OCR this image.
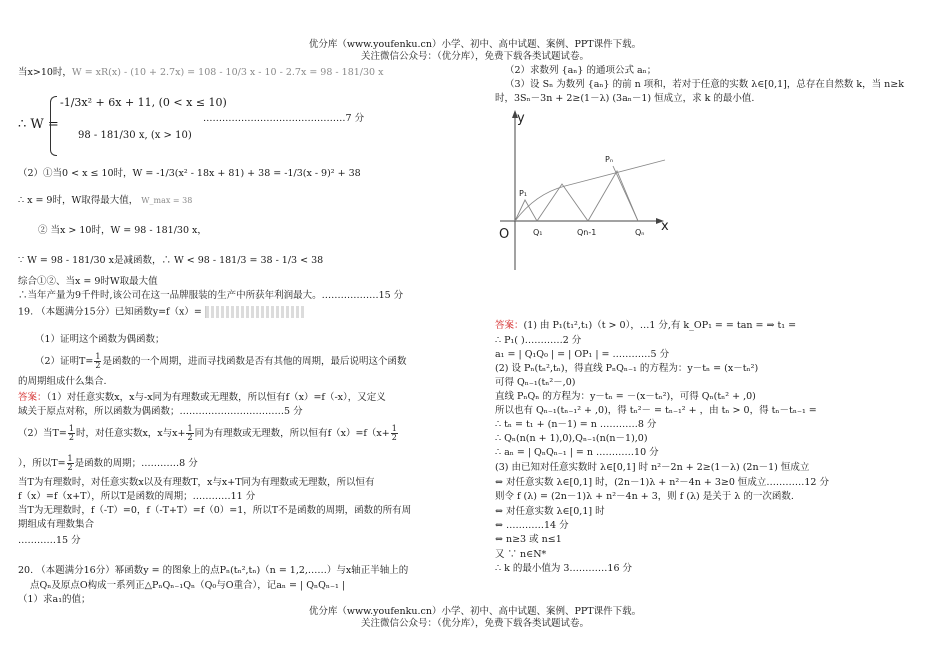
优分库（www.youfenku.cn）小学、初中、高中试题、案例、PPT课件下载。
关注微信公众号：（优分库），免费下载各类试题试卷。
当x>10时，W = xR(x) - (10 + 2.7x) = 108 - 10/3 x - 10 - 2.7x = 98 - 181/30 x
∴ W =
-1/3x² + 6x + 11, (0 < x ≤ 10)
98 - 181/30 x, (x > 10)
………………………………………7 分
（2）①当0 < x ≤ 10时，W = -1/3(x² - 18x + 81) + 38 = -1/3(x - 9)² + 38
∴ x = 9时，W取得最大值， W_max = 38
② 当x > 10时，W = 98 - 181/30 x，
∵ W = 98 - 181/30 x是减函数，∴ W < 98 - 181/3 = 38 - 1/3 < 38
综合①②、当x = 9时W取最大值
∴当年产量为9千件时,该公司在这一品牌服装的生产中所获年利润最大。………………15 分
19. （本题满分15分）已知函数y=f（x）=
（1）证明这个函数为偶函数；
（2）证明$T= \frac{1}{2}$ 是函数的一个周期，进而寻找函数是否有其他的周期，最后说明这个函数
的周期组成什么集合.
答案：（1）对任意实数x，x与-x同为有理数或无理数，所以恒有f（x）=f（-x），又定义
域关于原点对称，所以函数为偶函数；……………………………5 分
（2）当$T= \frac{1}{2}$ 时，对任意实数x，x与$x+ \frac{1}{2}$ 同为有理数或无理数，所以恒有$f(x)=f(x+ \frac{1}{2}$
），所以$T= \frac{1}{2}$ 是函数的周期；…………8 分
当T为有理数时，对任意实数x以及有理数T，x与x+T同为有理数或无理数，所以恒有
f（x）=f（x+T），所以T是函数的周期；…………11 分
当T为无理数时，f（-T）=0，f（-T+T）=f（0）=1，所以T不是函数的周期，函数的所有周
期组成有理数集合
…………15 分
20. （本题满分16分）幂函数y = 的图象上的点Pₙ(tₙ²,tₙ)（n = 1,2,……）与x轴正半轴上的
点Qₙ及原点O构成一系列正△PₙQₙ₋₁Qₙ（Q₀与O重合），记aₙ = | QₙQₙ₋₁ |
（1）求a₁的值；
（2）求数列 {aₙ} 的通项公式 aₙ；
（3）设 Sₙ 为数列 {aₙ} 的前 n 项和，若对于任意的实数 λ∈[0,1]，总存在自然数 k，当 n≥k
时，3Sₙ－3n + 2≥(1－λ) (3aₙ－1) 恒成立，求 k 的最小值.
y
x
O	Q₁	Qn-1	Qₙ
P₁
Pₙ
答案：(1) 由 P₁(t₁²,t₁)（t > 0），…1 分,有 k_OP₁ = = tan = ⇒ t₁ =
∴ P₁( )…………2 分
a₁ = | Q₁Q₀ | = | OP₁ | = …………5 分
(2) 设 Pₙ(tₙ²,tₙ)，得直线 PₙQₙ₋₁ 的方程为：y－tₙ = (x－tₙ²)
可得 Qₙ₋₁(tₙ²－,0)
直线 PₙQₙ 的方程为：y－tₙ = －(x－tₙ²)，可得 Qₙ(tₙ² + ,0)
所以也有 Qₙ₋₁(tₙ₋₁² + ,0)，得 tₙ²－ = tₙ₋₁² + ，由 tₙ > 0，得 tₙ－tₙ₋₁ =
∴ tₙ = t₁ + (n－1) = n …………8 分
∴ Qₙ(n(n + 1),0),Qₙ₋₁(n(n－1),0)
∴ aₙ = | QₙQₙ₋₁ | = n …………10 分
(3) 由已知对任意实数时 λ∈[0,1] 时 n²－2n + 2≥(1－λ) (2n－1) 恒成立
⇔ 对任意实数 λ∈[0,1] 时，(2n－1)λ + n²－4n + 3≥0 恒成立…………12 分
则令 f (λ) = (2n－1)λ + n²－4n + 3，则 f (λ) 是关于 λ 的一次函数.
⇔ 对任意实数 λ∈[0,1] 时
⇔ …………14 分
⇔ n≥3 或 n≤1
又 ∵ n∈N*
∴ k 的最小值为 3…………16 分
优分库（www.youfenku.cn）小学、初中、高中试题、案例、PPT课件下载。
关注微信公众号：（优分库），免费下载各类试题试卷。
